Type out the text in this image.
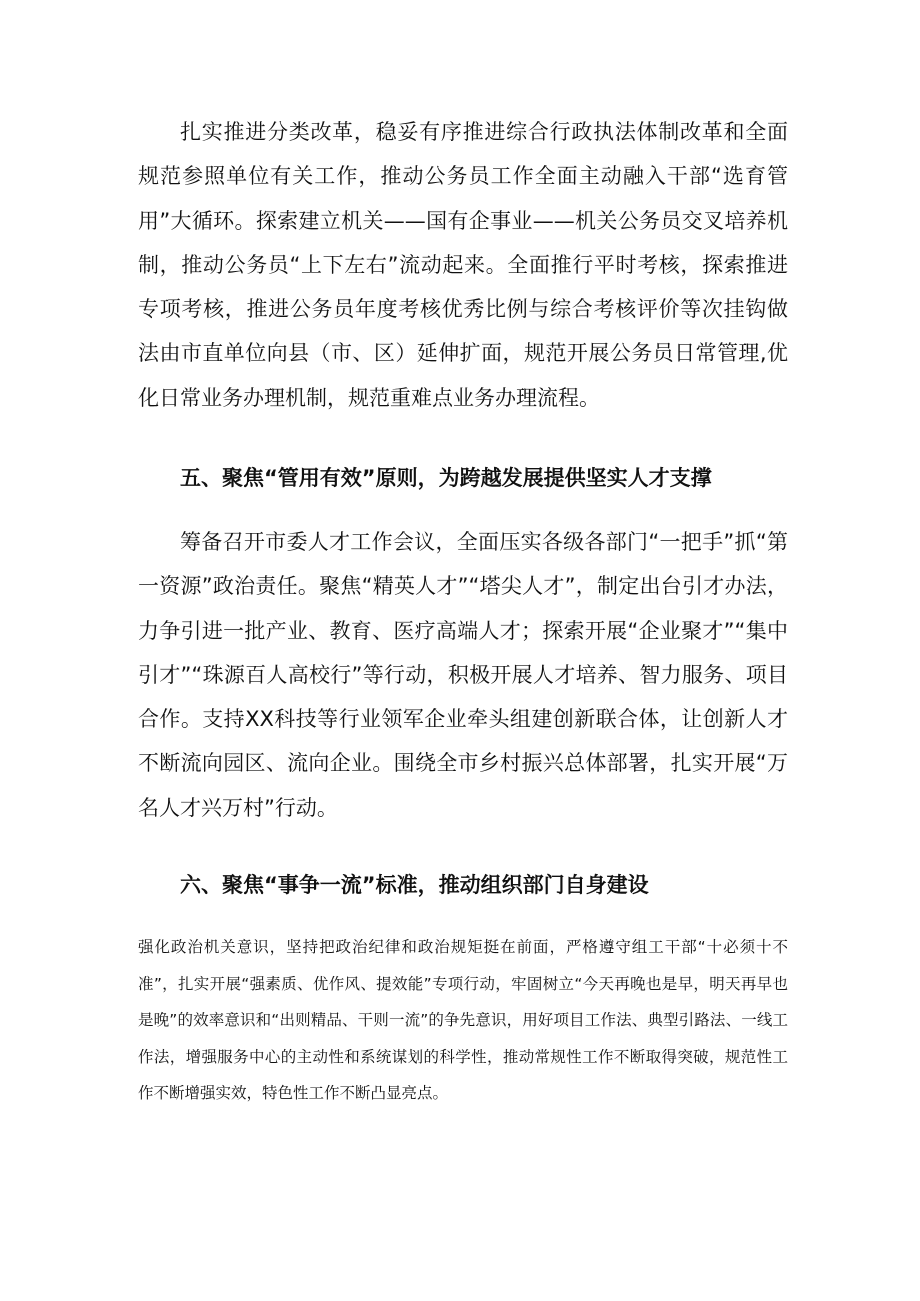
扎实推进分类改革，稳妥有序推进综合行政执法体制改革和全面规范参照单位有关工作，推动公务员工作全面主动融入干部“选育管用”大循环。探索建立机关——国有企事业——机关公务员交叉培养机制，推动公务员“上下左右”流动起来。全面推行平时考核，探索推进专项考核，推进公务员年度考核优秀比例与综合考核评价等次挂钩做法由市直单位向县（市、区）延伸扩面，规范开展公务员日常管理,优化日常业务办理机制，规范重难点业务办理流程。

五、聚焦“管用有效”原则，为跨越发展提供坚实人才支撑

筹备召开市委人才工作会议，全面压实各级各部门“一把手”抓“第一资源”政治责任。聚焦“精英人才”“塔尖人才”，制定出台引才办法，力争引进一批产业、教育、医疗高端人才；探索开展“企业聚才”“集中引才”“珠源百人高校行”等行动，积极开展人才培养、智力服务、项目合作。支持XX科技等行业领军企业牵头组建创新联合体，让创新人才不断流向园区、流向企业。围绕全市乡村振兴总体部署，扎实开展“万名人才兴万村”行动。

六、聚焦“事争一流”标准，推动组织部门自身建设

强化政治机关意识，坚持把政治纪律和政治规矩挺在前面，严格遵守组工干部“十必须十不准”，扎实开展“强素质、优作风、提效能”专项行动，牢固树立“今天再晚也是早，明天再早也是晚”的效率意识和“出则精品、干则一流”的争先意识，用好项目工作法、典型引路法、一线工作法，增强服务中心的主动性和系统谋划的科学性，推动常规性工作不断取得突破，规范性工作不断增强实效，特色性工作不断凸显亮点。
